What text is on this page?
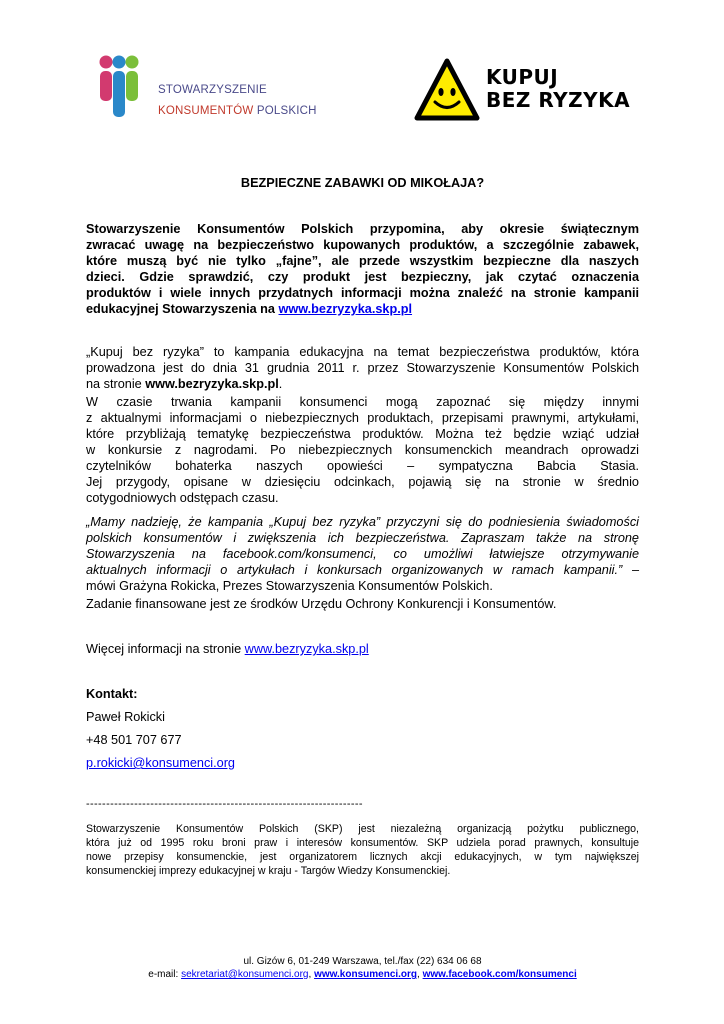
STOWARZYSZENIE
KONSUMENTÓW POLSKICH
KUPUJ
BEZ RYZYKA
BEZPIECZNE ZABAWKI OD MIKOŁAJA?
Stowarzyszenie Konsumentów Polskich przypomina, aby okresie świątecznym
zwracać uwagę na bezpieczeństwo kupowanych produktów, a szczególnie zabawek,
które muszą być nie tylko „fajne”, ale przede wszystkim bezpieczne dla naszych
dzieci. Gdzie sprawdzić, czy produkt jest bezpieczny, jak czytać oznaczenia
produktów i wiele innych przydatnych informacji można znaleźć na stronie kampanii
edukacyjnej Stowarzyszenia na www.bezryzyka.skp.pl
„Kupuj bez ryzyka” to kampania edukacyjna na temat bezpieczeństwa produktów, która
prowadzona jest do dnia 31 grudnia 2011 r. przez Stowarzyszenie Konsumentów Polskich
na stronie www.bezryzyka.skp.pl.
W czasie trwania kampanii konsumenci mogą zapoznać się między innymi
z aktualnymi informacjami o niebezpiecznych produktach, przepisami prawnymi, artykułami,
które przybliżają tematykę bezpieczeństwa produktów. Można też będzie wziąć udział
w konkursie z nagrodami. Po niebezpiecznych konsumenckich meandrach oprowadzi
czytelników bohaterka naszych opowieści – sympatyczna Babcia Stasia.
Jej przygody, opisane w dziesięciu odcinkach, pojawią się na stronie w średnio
cotygodniowych odstępach czasu.
„Mamy nadzieję, że kampania „Kupuj bez ryzyka” przyczyni się do podniesienia świadomości
polskich konsumentów i zwiększenia ich bezpieczeństwa. Zapraszam także na stronę
Stowarzyszenia na facebook.com/konsumenci, co umożliwi łatwiejsze otrzymywanie
aktualnych informacji o artykułach i konkursach organizowanych w ramach kampanii.” –
mówi Grażyna Rokicka, Prezes Stowarzyszenia Konsumentów Polskich.
Zadanie finansowane jest ze środków Urzędu Ochrony Konkurencji i Konsumentów.
Więcej informacji na stronie www.bezryzyka.skp.pl
Kontakt:
Paweł Rokicki
+48 501 707 677
p.rokicki@konsumenci.org
---------------------------------------------------------------------
Stowarzyszenie Konsumentów Polskich (SKP) jest niezależną organizacją pożytku publicznego,
która już od 1995 roku broni praw i interesów konsumentów. SKP udziela porad prawnych, konsultuje
nowe przepisy konsumenckie, jest organizatorem licznych akcji edukacyjnych, w tym największej
konsumenckiej imprezy edukacyjnej w kraju - Targów Wiedzy Konsumenckiej.
ul. Gizów 6, 01-249 Warszawa, tel./fax (22) 634 06 68
e-mail: sekretariat@konsumenci.org, www.konsumenci.org, www.facebook.com/konsumenci
